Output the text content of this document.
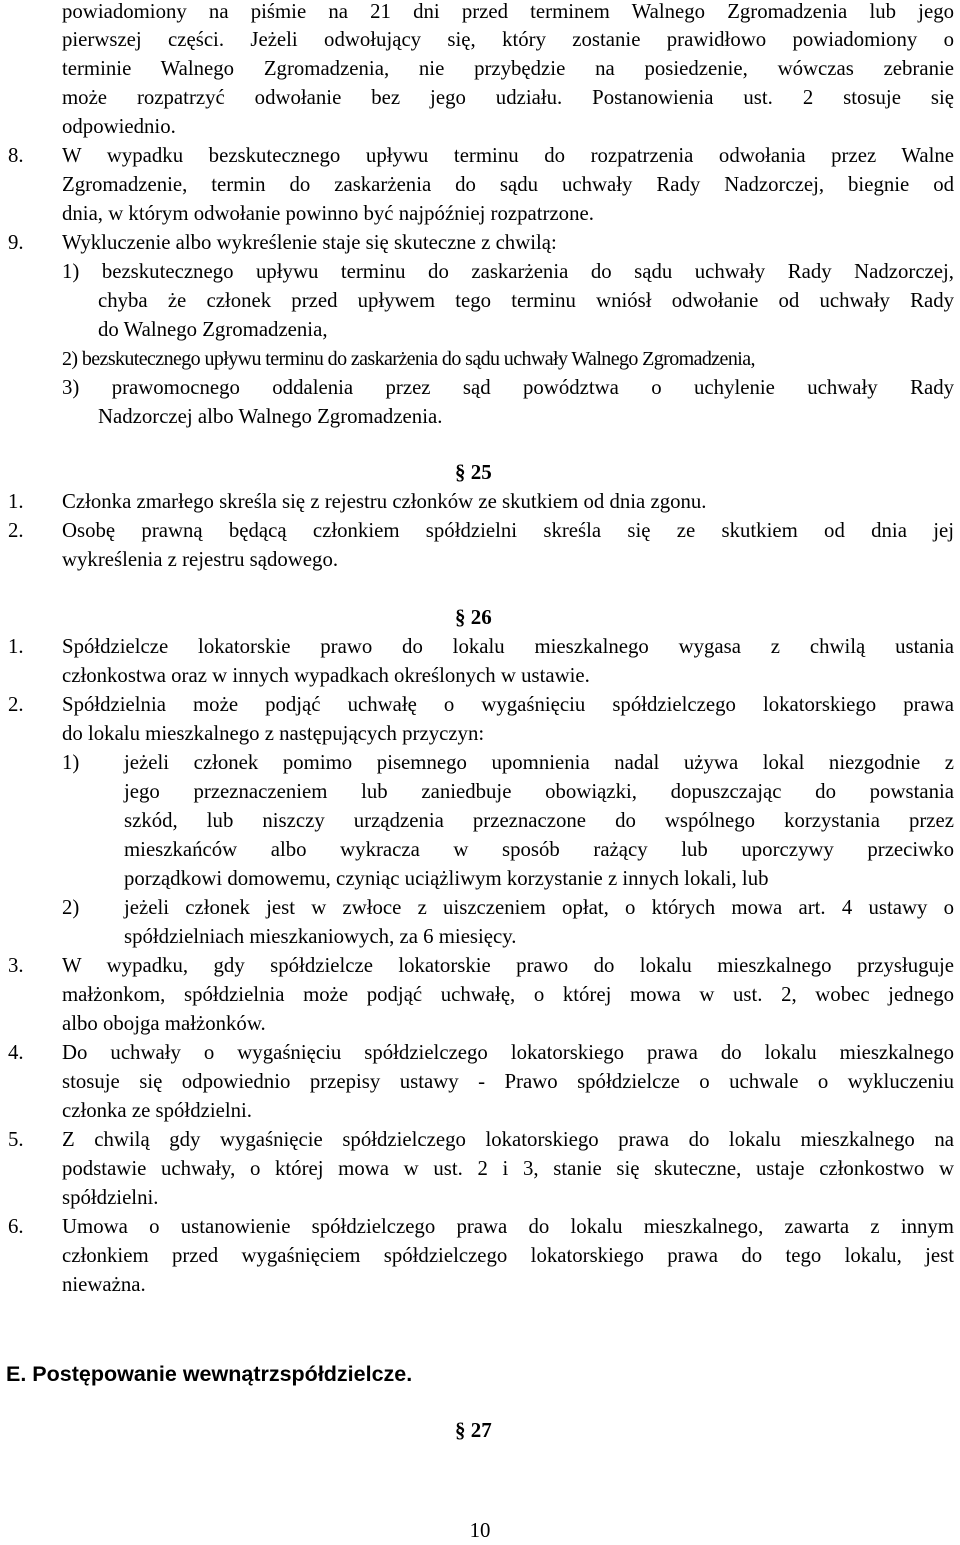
powiadomiony na piśmie na 21 dni przed terminem Walnego Zgromadzenia lub jego
pierwszej części. Jeżeli odwołujący się, który zostanie prawidłowo powiadomiony o
terminie Walnego Zgromadzenia, nie przybędzie na posiedzenie, wówczas zebranie
może rozpatrzyć odwołanie bez jego udziału. Postanowienia ust. 2 stosuje się
odpowiednio.
8. W wypadku bezskutecznego upływu terminu do rozpatrzenia odwołania przez Walne
Zgromadzenie, termin do zaskarżenia do sądu uchwały Rady Nadzorczej, biegnie od
dnia, w którym odwołanie powinno być najpóźniej rozpatrzone.
9. Wykluczenie albo wykreślenie staje się skuteczne z chwilą:
1) bezskutecznego upływu terminu do zaskarżenia do sądu uchwały Rady Nadzorczej,
chyba że członek przed upływem tego terminu wniósł odwołanie od uchwały Rady
do Walnego Zgromadzenia,
2) bezskutecznego upływu terminu do zaskarżenia do sądu uchwały Walnego Zgromadzenia,
3) prawomocnego oddalenia przez sąd powództwa o uchylenie uchwały Rady
Nadzorczej albo Walnego Zgromadzenia.
§ 25
1. Członka zmarłego skreśla się z rejestru członków ze skutkiem od dnia zgonu.
2. Osobę prawną będącą członkiem spółdzielni skreśla się ze skutkiem od dnia jej
wykreślenia z rejestru sądowego.
§ 26
1. Spółdzielcze lokatorskie prawo do lokalu mieszkalnego wygasa z chwilą ustania
członkostwa oraz w innych wypadkach określonych w ustawie.
2. Spółdzielnia może podjąć uchwałę o wygaśnięciu spółdzielczego lokatorskiego prawa
do lokalu mieszkalnego z następujących przyczyn:
1) jeżeli członek pomimo pisemnego upomnienia nadal używa lokal niezgodnie z
jego przeznaczeniem lub zaniedbuje obowiązki, dopuszczając do powstania
szkód, lub niszczy urządzenia przeznaczone do wspólnego korzystania przez
mieszkańców albo wykracza w sposób rażący lub uporczywy przeciwko
porządkowi domowemu, czyniąc uciążliwym korzystanie z innych lokali, lub
2) jeżeli członek jest w zwłoce z uiszczeniem opłat, o których mowa art. 4 ustawy o
spółdzielniach mieszkaniowych, za 6 miesięcy.
3. W wypadku, gdy spółdzielcze lokatorskie prawo do lokalu mieszkalnego przysługuje
małżonkom, spółdzielnia może podjąć uchwałę, o której mowa w ust. 2, wobec jednego
albo obojga małżonków.
4. Do uchwały o wygaśnięciu spółdzielczego lokatorskiego prawa do lokalu mieszkalnego
stosuje się odpowiednio przepisy ustawy - Prawo spółdzielcze o uchwale o wykluczeniu
członka ze spółdzielni.
5. Z chwilą gdy wygaśnięcie spółdzielczego lokatorskiego prawa do lokalu mieszkalnego na
podstawie uchwały, o której mowa w ust. 2 i 3, stanie się skuteczne, ustaje członkostwo w
spółdzielni.
6. Umowa o ustanowienie spółdzielczego prawa do lokalu mieszkalnego, zawarta z innym
członkiem przed wygaśnięciem spółdzielczego lokatorskiego prawa do tego lokalu, jest
nieważna.
E. Postępowanie wewnątrzspółdzielcze.
§ 27
10
